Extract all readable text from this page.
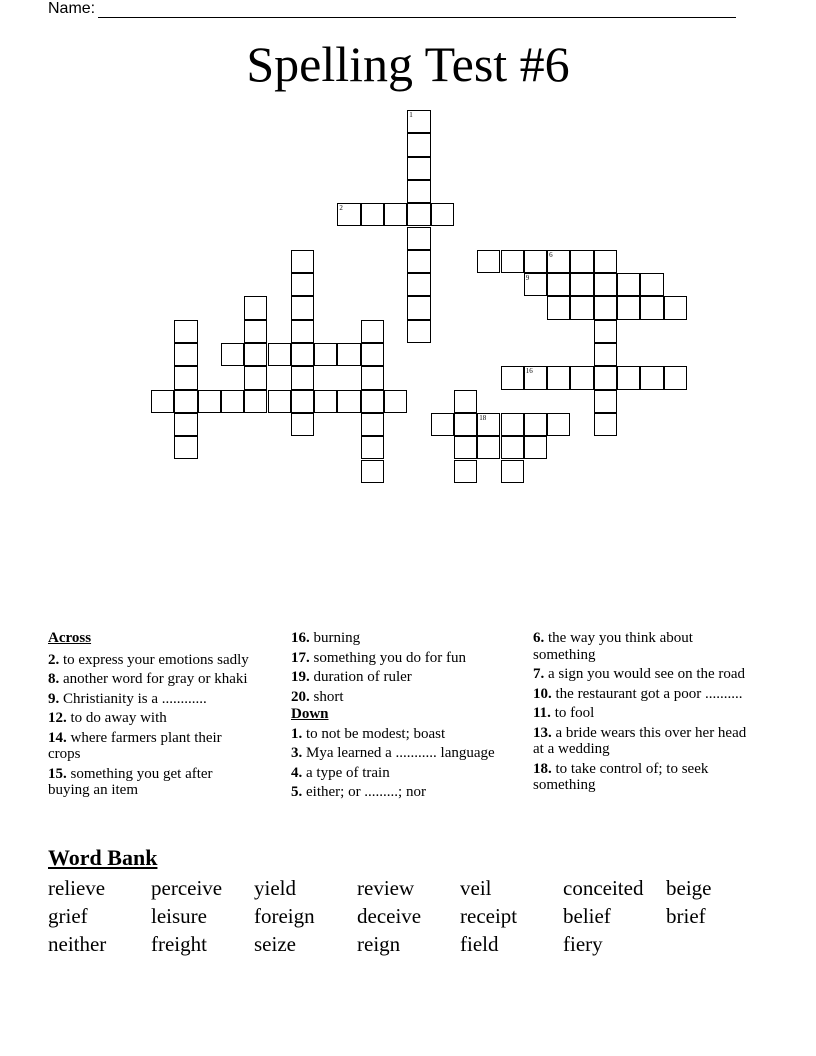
Name:
Spelling Test #6
1
2
6
9
16
18
Across
2. to express your emotions sadly
8. another word for gray or khaki
9. Christianity is a ............
12. to do away with
14. where farmers plant their crops
15. something you get after buying an item
16. burning
17. something you do for fun
19. duration of ruler
20. short
Down
1. to not be modest; boast
3. Mya learned a ........... language
4. a type of train
5. either; or .........; nor
6. the way you think about something
7. a sign you would see on the road
10. the restaurant got a poor ..........
11. to fool
13. a bride wears this over her head at a wedding
18. to take control of; to seek something
Word Bank
relieve perceive yield	review veil	conceited beige
grief	leisure foreign deceive receipt belief	brief
neither freight seize	reign	field	fiery
